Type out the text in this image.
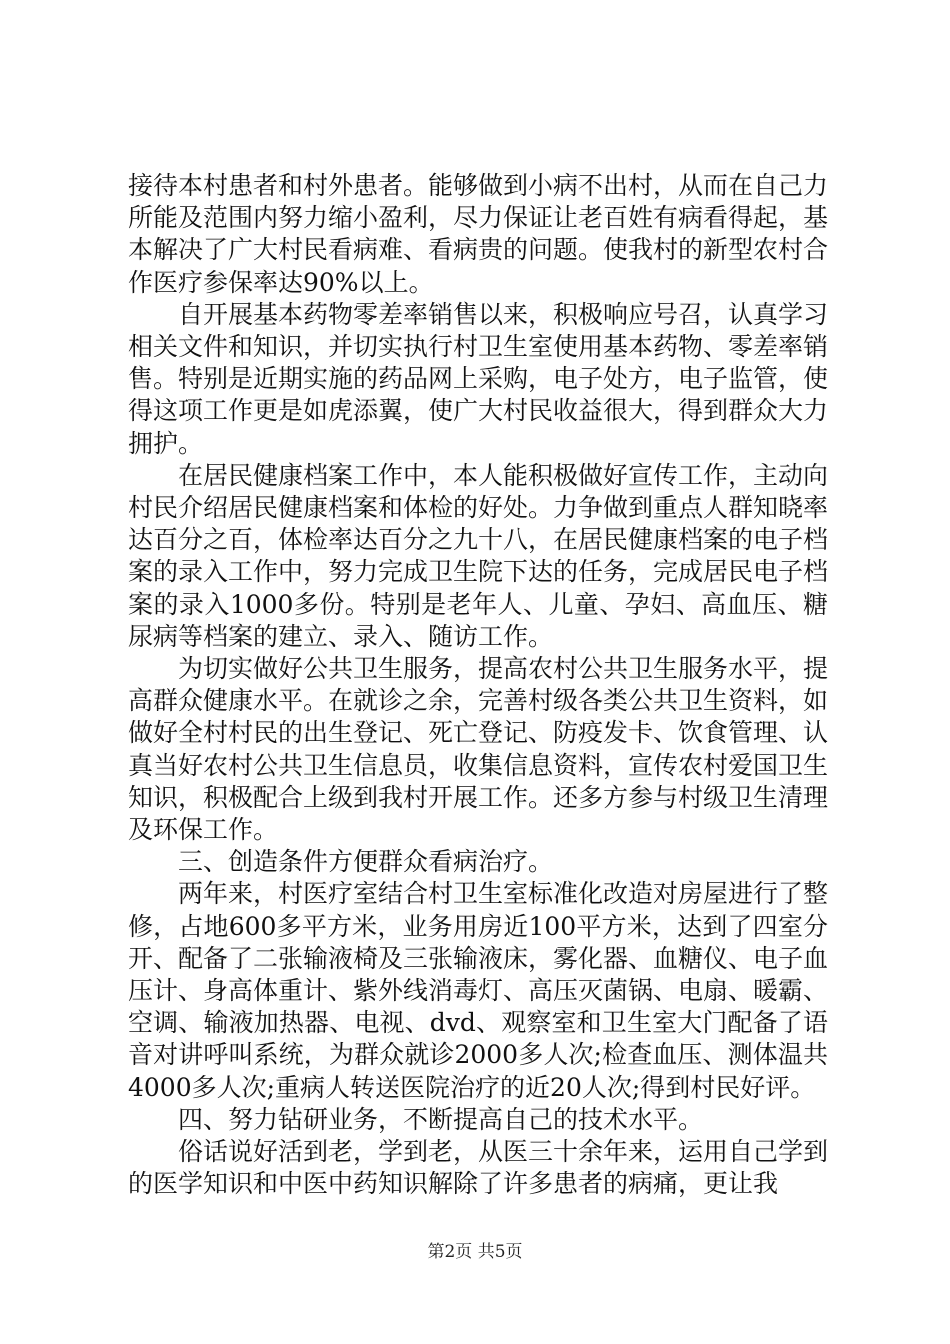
接待本村患者和村外患者。能够做到小病不出村，从而在自己力所能及范围内努力缩小盈利，尽力保证让老百姓有病看得起，基本解决了广大村民看病难、看病贵的问题。使我村的新型农村合作医疗参保率达90%以上。

自开展基本药物零差率销售以来，积极响应号召，认真学习相关文件和知识，并切实执行村卫生室使用基本药物、零差率销售。特别是近期实施的药品网上采购，电子处方，电子监管，使得这项工作更是如虎添翼，使广大村民收益很大，得到群众大力拥护。

在居民健康档案工作中，本人能积极做好宣传工作，主动向村民介绍居民健康档案和体检的好处。力争做到重点人群知晓率达百分之百，体检率达百分之九十八，在居民健康档案的电子档案的录入工作中，努力完成卫生院下达的任务，完成居民电子档案的录入1000多份。特别是老年人、儿童、孕妇、高血压、糖尿病等档案的建立、录入、随访工作。

为切实做好公共卫生服务，提高农村公共卫生服务水平，提高群众健康水平。在就诊之余，完善村级各类公共卫生资料，如做好全村村民的出生登记、死亡登记、防疫发卡、饮食管理、认真当好农村公共卫生信息员，收集信息资料，宣传农村爱国卫生知识，积极配合上级到我村开展工作。还多方参与村级卫生清理及环保工作。

三、创造条件方便群众看病治疗。

两年来，村医疗室结合村卫生室标准化改造对房屋进行了整修，占地600多平方米，业务用房近100平方米，达到了四室分开、配备了二张输液椅及三张输液床，雾化器、血糖仪、电子血压计、身高体重计、紫外线消毒灯、高压灭菌锅、电扇、暖霸、空调、输液加热器、电视、dvd、观察室和卫生室大门配备了语音对讲呼叫系统，为群众就诊2000多人次;检查血压、测体温共4000多人次;重病人转送医院治疗的近20人次;得到村民好评。

四、努力钻研业务，不断提高自己的技术水平。

俗话说好活到老，学到老，从医三十余年来，运用自己学到的医学知识和中医中药知识解除了许多患者的病痛，更让我

第2页 共5页
